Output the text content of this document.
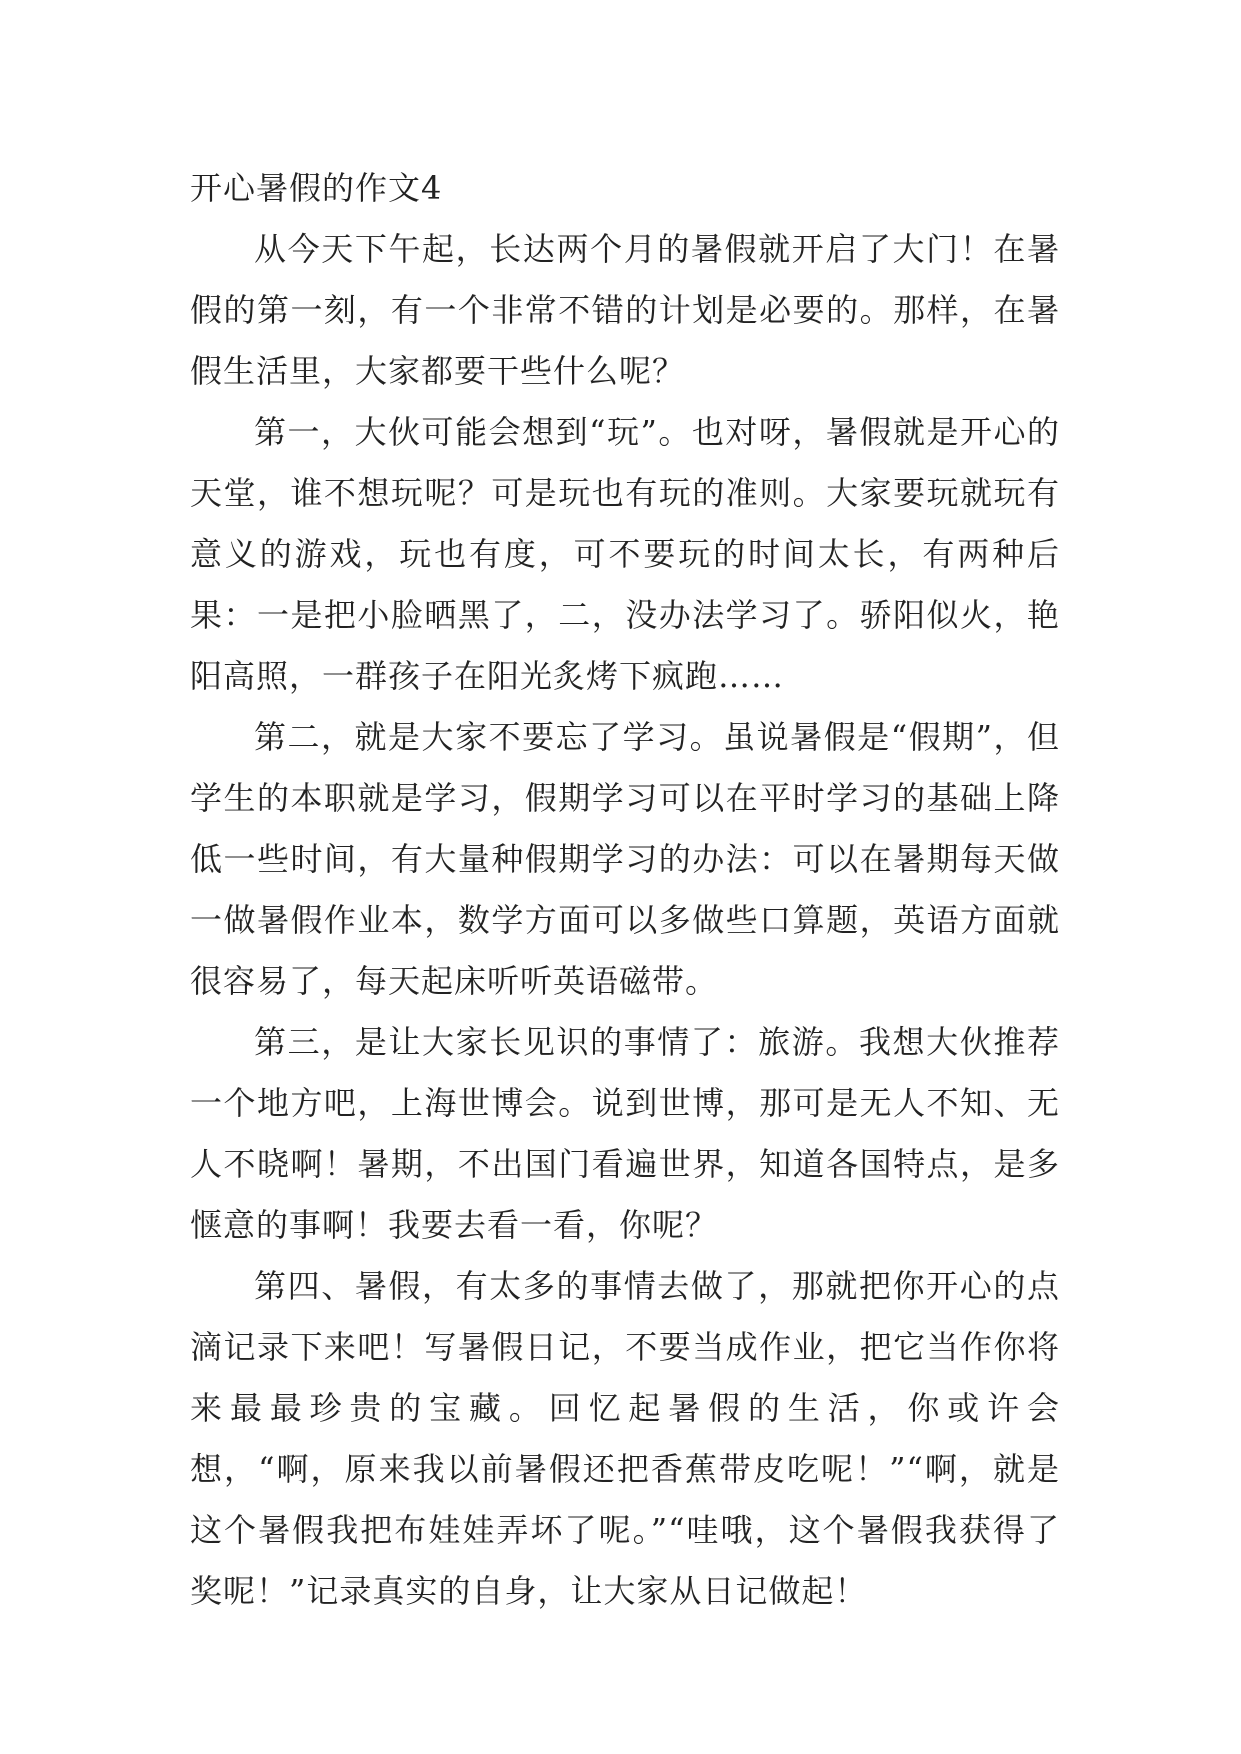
开心暑假的作文4

从今天下午起，长达两个月的暑假就开启了大门！在暑假的第一刻，有一个非常不错的计划是必要的。那样，在暑假生活里，大家都要干些什么呢？

第一，大伙可能会想到“玩”。也对呀，暑假就是开心的天堂，谁不想玩呢？可是玩也有玩的准则。大家要玩就玩有意义的游戏，玩也有度，可不要玩的时间太长，有两种后果：一是把小脸晒黑了，二，没办法学习了。骄阳似火，艳阳高照，一群孩子在阳光炙烤下疯跑……

第二，就是大家不要忘了学习。虽说暑假是“假期”，但学生的本职就是学习，假期学习可以在平时学习的基础上降低一些时间，有大量种假期学习的办法：可以在暑期每天做一做暑假作业本，数学方面可以多做些口算题，英语方面就很容易了，每天起床听听英语磁带。

第三，是让大家长见识的事情了：旅游。我想大伙推荐一个地方吧，上海世博会。说到世博，那可是无人不知、无人不晓啊！暑期，不出国门看遍世界，知道各国特点，是多惬意的事啊！我要去看一看，你呢？

第四、暑假，有太多的事情去做了，那就把你开心的点滴记录下来吧！写暑假日记，不要当成作业，把它当作你将来最最珍贵的宝藏。回忆起暑假的生活，你或许会想，“啊，原来我以前暑假还把香蕉带皮吃呢！”“啊，就是这个暑假我把布娃娃弄坏了呢。”“哇哦，这个暑假我获得了奖呢！”记录真实的自身，让大家从日记做起！
